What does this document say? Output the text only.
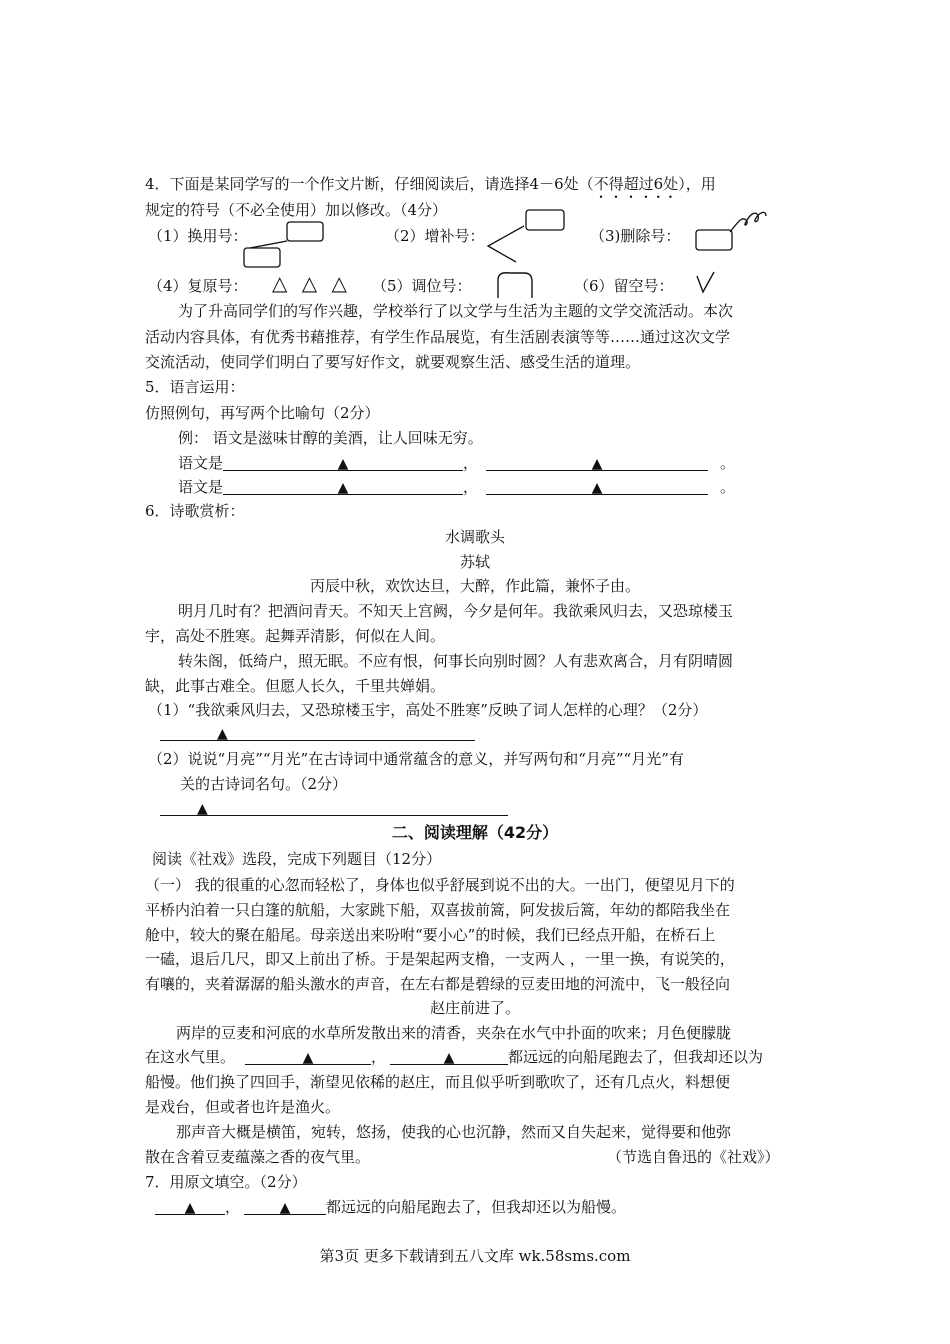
4．下面是某同学写的一个作文片断，仔细阅读后，请选择4－6处（不得超过6处），用
规定的符号（不必全使用）加以修改。（4分）
（1）换用号：	（2）增补号：	（3)删除号：
（4）复原号： △ △ △ （5）调位号：	（6）留空号：
为了升高同学们的写作兴趣，学校举行了以文学与生活为主题的文学交流活动。本次
活动内容具体，有优秀书藉推荐，有学生作品展览，有生活剧表演等等……通过这次文学
交流活动，使同学们明白了要写好作文，就要观察生活、感受生活的道理。
5．语言运用：
仿照例句，再写两个比喻句（2分）
例： 语文是滋味甘醇的美酒，让人回味无穷。
语文是	▲	，	▲	。
语文是	▲	，	▲	。
6．诗歌赏析：
水调歌头
苏轼
丙辰中秋，欢饮达旦，大醉，作此篇，兼怀子由。
明月几时有？把酒问青天。不知天上宫阙，今夕是何年。我欲乘风归去，又恐琼楼玉
宇，高处不胜寒。起舞弄清影，何似在人间。
转朱阁，低绮户，照无眠。不应有恨，何事长向别时圆？人有悲欢离合，月有阴晴圆
缺，此事古难全。但愿人长久，千里共婵娟。
（1）“我欲乘风归去，又恐琼楼玉宇，高处不胜寒”反映了词人怎样的心理？（2分）
▲
（2）说说“月亮”“月光”在古诗词中通常蕴含的意义，并写两句和“月亮”“月光”有
关的古诗词名句。（2分）
▲
二、阅读理解（42分）
阅读《社戏》选段，完成下列题目（12分）
（一） 我的很重的心忽而轻松了，身体也似乎舒展到说不出的大。一出门，便望见月下的
平桥内泊着一只白篷的航船，大家跳下船，双喜拔前篙，阿发拔后篙，年幼的都陪我坐在
舱中，较大的聚在船尾。母亲送出来吩咐“要小心”的时候，我们已经点开船，在桥石上
一磕，退后几尺，即又上前出了桥。于是架起两支橹，一支两人 ，一里一换，有说笑的，
有嚷的，夹着潺潺的船头激水的声音，在左右都是碧绿的豆麦田地的河流中，飞一般径向
赵庄前进了。
两岸的豆麦和河底的水草所发散出来的清香，夹杂在水气中扑面的吹来；月色便朦胧
在这水气里。	▲	，	▲	都远远的向船尾跑去了，但我却还以为
船慢。他们换了四回手，渐望见依稀的赵庄，而且似乎听到歌吹了，还有几点火，料想便
是戏台，但或者也许是渔火。
那声音大概是横笛，宛转，悠扬，使我的心也沉静，然而又自失起来，觉得要和他弥
散在含着豆麦蕴藻之香的夜气里。	（节选自鲁迅的《社戏》）
7．用原文填空。（2分）
▲ ，	▲ 都远远的向船尾跑去了，但我却还以为船慢。
第3页 更多下载请到五八文库 wk.58sms.com
